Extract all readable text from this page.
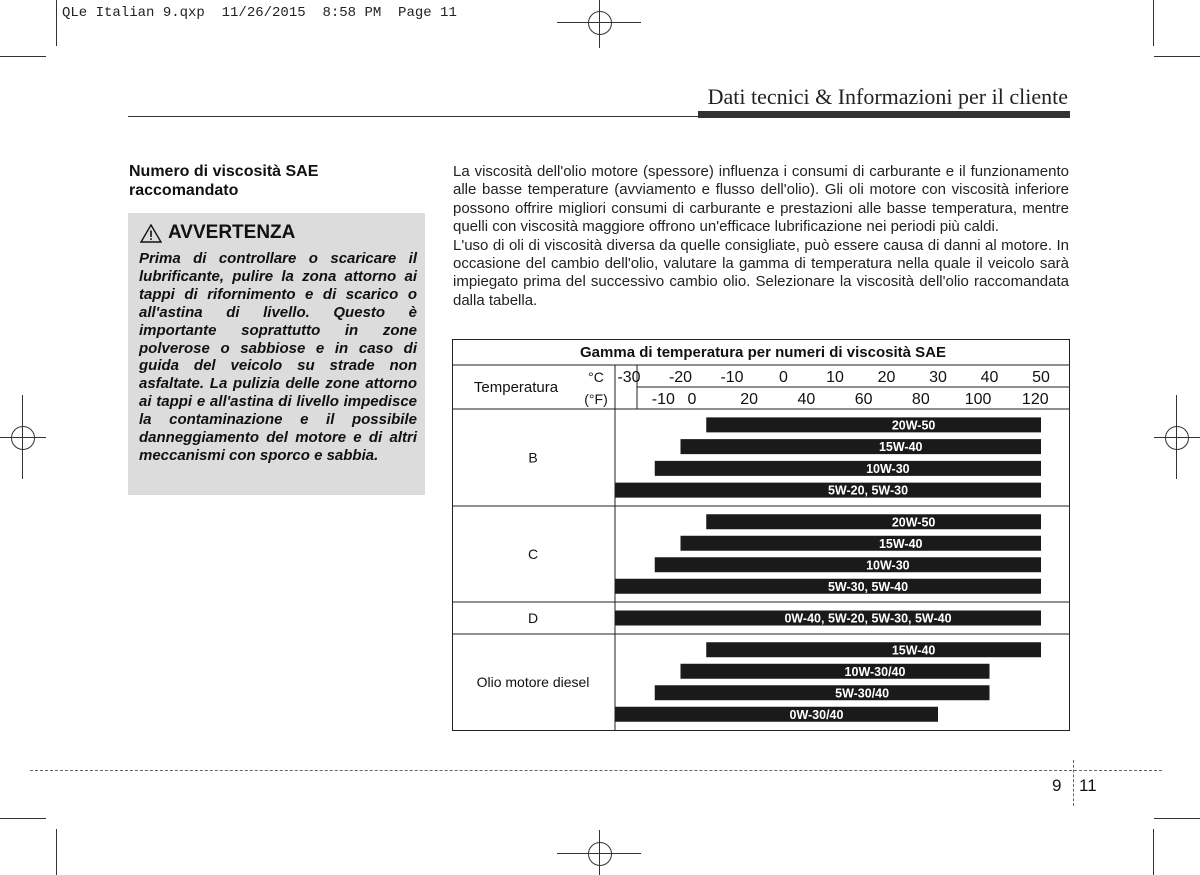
QLe Italian 9.qxp  11/26/2015  8:58 PM  Page 11
Dati tecnici & Informazioni per il cliente
Numero di viscosità SAE raccomandato
AVVERTENZA
Prima di controllare o scaricare il lubrificante, pulire la zona attorno ai tappi di rifornimento e di scarico o all'astina di livello. Questo è importante soprattutto in zone polverose o sabbiose e in caso di guida del veicolo su strade non asfaltate. La pulizia delle zone attorno ai tappi e all'astina di livello impedisce la contaminazione e il possibile danneggiamento del motore e di altri meccanismi con sporco e sabbia.

La viscosità dell'olio motore (spessore) influenza i consumi di carburante e il funzionamento alle basse temperature (avviamento e flusso dell'olio). Gli oli motore con viscosità inferiore possono offrire migliori consumi di carburante e prestazioni alle basse temperatura, mentre quelli con viscosità maggiore offrono un'efficace lubrificazione nei periodi più caldi.

L'uso di oli di viscosità diversa da quelle consigliate, può essere causa di danni al motore. In occasione del cambio dell'olio, valutare la gamma di temperatura nella quale il veicolo sarà impiegato prima del successivo cambio olio. Selezionare la viscosità dell'olio raccomandata dalla tabella.

Gamma di temperatura per numeri di viscosità SAE
Temperatura
°C
(°F)
-30 -20 -10 0 10 20 30 40 50
-10 0	20 40 60 80 100 120
B
C
D
Olio motore diesel
20W-50
15W-40
10W-30
5W-20, 5W-30
20W-50
15W-40
10W-30
5W-30, 5W-40
0W-40, 5W-20, 5W-30, 5W-40
15W-40
10W-30/40
5W-30/40
0W-30/40
9 11
